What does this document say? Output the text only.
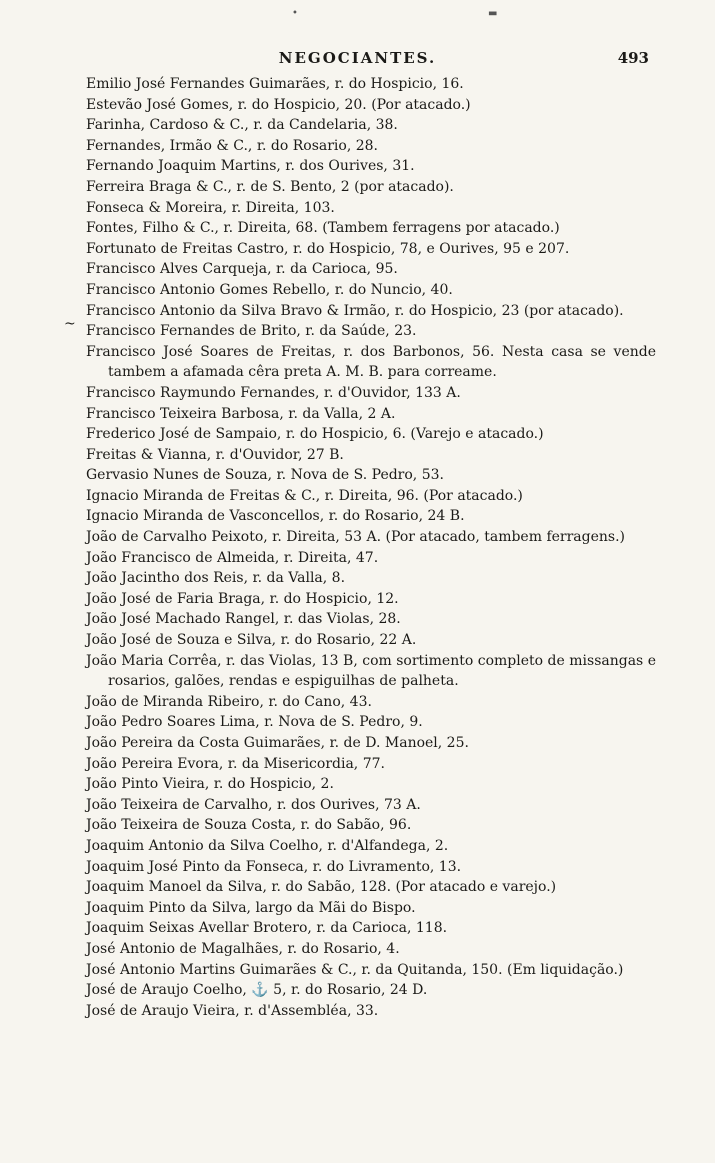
•	▬
NEGOCIANTES.	493
~
Emilio José Fernandes Guimarães, r. do Hospicio, 16.
Estevão José Gomes, r. do Hospicio, 20. (Por atacado.)
Farinha, Cardoso & C., r. da Candelaria, 38.
Fernandes, Irmão & C., r. do Rosario, 28.
Fernando Joaquim Martins, r. dos Ourives, 31.
Ferreira Braga & C., r. de S. Bento, 2 (por atacado).
Fonseca & Moreira, r. Direita, 103.
Fontes, Filho & C., r. Direita, 68. (Tambem ferragens por atacado.)
Fortunato de Freitas Castro, r. do Hospicio, 78, e Ourives, 95 e 207.
Francisco Alves Carqueja, r. da Carioca, 95.
Francisco Antonio Gomes Rebello, r. do Nuncio, 40.
Francisco Antonio da Silva Bravo & Irmão, r. do Hospicio, 23 (por atacado).
Francisco Fernandes de Brito, r. da Saúde, 23.
Francisco José Soares de Freitas, r. dos Barbonos, 56. Nesta casa se vende tambem a afamada cêra preta A. M. B. para correame.
Francisco Raymundo Fernandes, r. d'Ouvidor, 133 A.
Francisco Teixeira Barbosa, r. da Valla, 2 A.
Frederico José de Sampaio, r. do Hospicio, 6. (Varejo e atacado.)
Freitas & Vianna, r. d'Ouvidor, 27 B.
Gervasio Nunes de Souza, r. Nova de S. Pedro, 53.
Ignacio Miranda de Freitas & C., r. Direita, 96. (Por atacado.)
Ignacio Miranda de Vasconcellos, r. do Rosario, 24 B.
João de Carvalho Peixoto, r. Direita, 53 A. (Por atacado, tambem ferragens.)
João Francisco de Almeida, r. Direita, 47.
João Jacintho dos Reis, r. da Valla, 8.
João José de Faria Braga, r. do Hospicio, 12.
João José Machado Rangel, r. das Violas, 28.
João José de Souza e Silva, r. do Rosario, 22 A.
João Maria Corrêa, r. das Violas, 13 B, com sortimento completo de missangas e rosarios, galões, rendas e espiguilhas de palheta.
João de Miranda Ribeiro, r. do Cano, 43.
João Pedro Soares Lima, r. Nova de S. Pedro, 9.
João Pereira da Costa Guimarães, r. de D. Manoel, 25.
João Pereira Evora, r. da Misericordia, 77.
João Pinto Vieira, r. do Hospicio, 2.
João Teixeira de Carvalho, r. dos Ourives, 73 A.
João Teixeira de Souza Costa, r. do Sabão, 96.
Joaquim Antonio da Silva Coelho, r. d'Alfandega, 2.
Joaquim José Pinto da Fonseca, r. do Livramento, 13.
Joaquim Manoel da Silva, r. do Sabão, 128. (Por atacado e varejo.)
Joaquim Pinto da Silva, largo da Mãi do Bispo.
Joaquim Seixas Avellar Brotero, r. da Carioca, 118.
José Antonio de Magalhães, r. do Rosario, 4.
José Antonio Martins Guimarães & C., r. da Quitanda, 150. (Em liquidação.)
José de Araujo Coelho, ⚓ 5, r. do Rosario, 24 D.
José de Araujo Vieira, r. d'Assembléa, 33.
